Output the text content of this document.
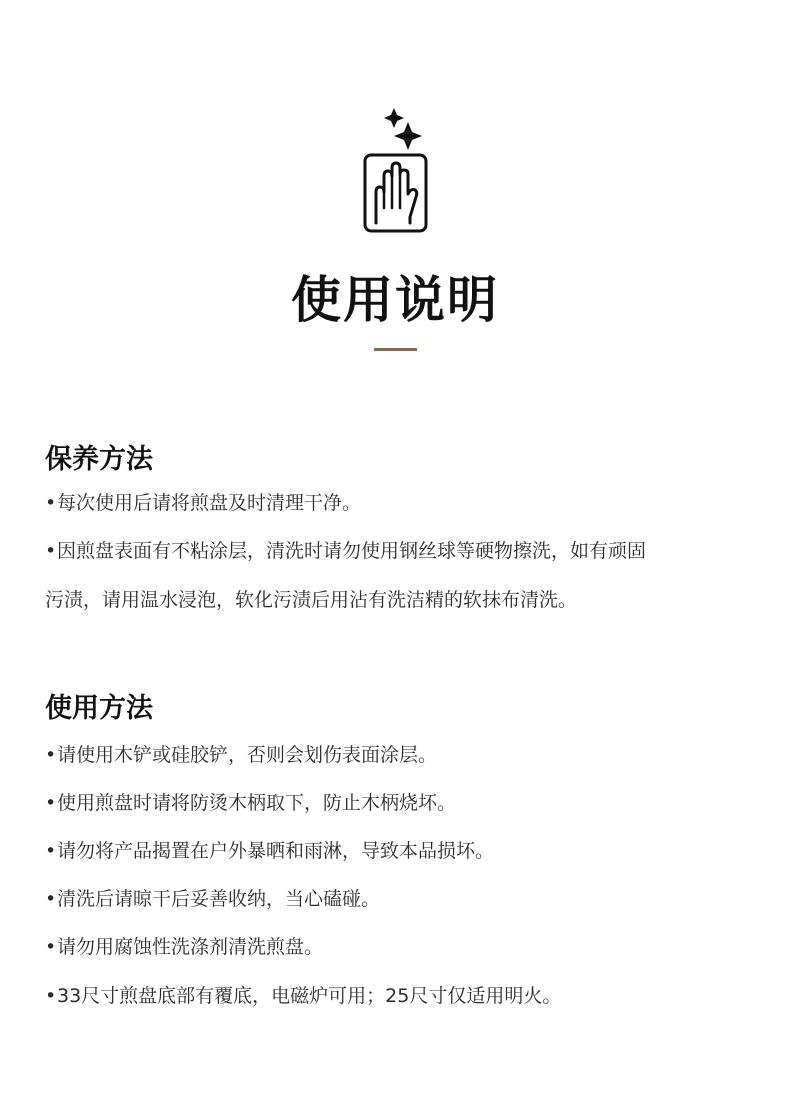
使用说明
保养方法
•每次使用后请将煎盘及时清理干净。
•因煎盘表面有不粘涂层，清洗时请勿使用钢丝球等硬物擦洗，如有顽固
污渍，请用温水浸泡，软化污渍后用沾有洗洁精的软抹布清洗。
使用方法
•请使用木铲或硅胶铲，否则会划伤表面涂层。
•使用煎盘时请将防烫木柄取下，防止木柄烧坏。
•请勿将产品揭置在户外暴晒和雨淋，导致本品损坏。
•清洗后请晾干后妥善收纳，当心磕碰。
•请勿用腐蚀性洗涤剂清洗煎盘。
•33尺寸煎盘底部有覆底，电磁炉可用；25尺寸仅适用明火。
